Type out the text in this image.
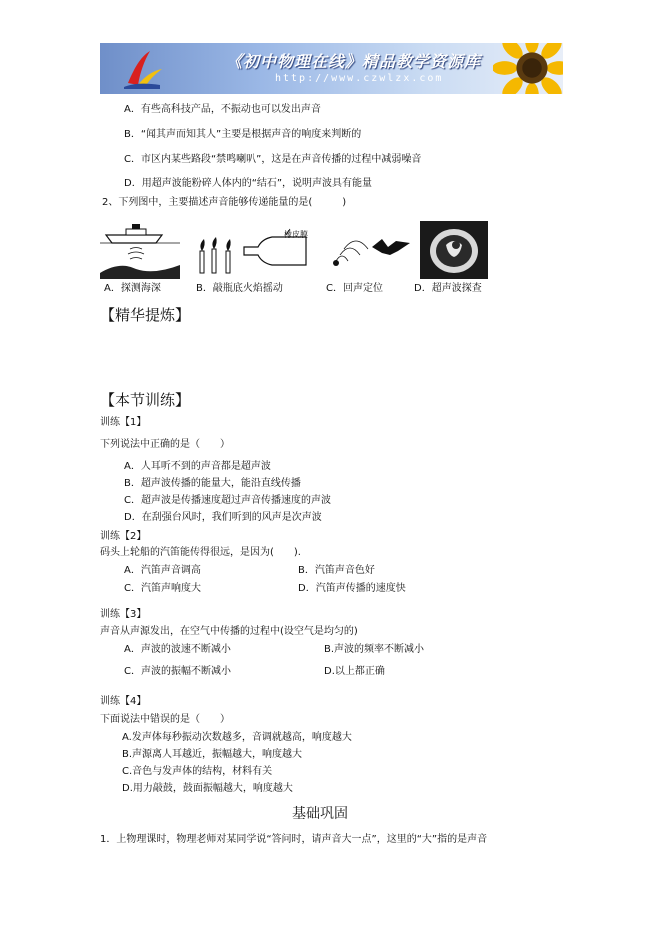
《初中物理在线》精品教学资源库
http://www.czwlzx.com
A．有些高科技产品，不振动也可以发出声音
B．“闻其声而知其人”主要是根据声音的响度来判断的
C．市区内某些路段“禁鸣喇叭”，这是在声音传播的过程中减弱噪音
D．用超声波能粉碎人体内的“结石”，说明声波具有能量
2、下列图中，主要描述声音能够传递能量的是(　　　)
橡皮膜
A．探测海深	B．敲瓶底火焰摇动	C．回声定位	D．超声波探查
【精华提炼】
【本节训练】
训练【1】
下列说法中正确的是（　　）
A．人耳听不到的声音都是超声波
B．超声波传播的能量大，能沿直线传播
C．超声波是传播速度超过声音传播速度的声波
D．在刮强台风时，我们听到的风声是次声波
训练【2】
码头上轮船的汽笛能传得很远，是因为(　　).
A．汽笛声音调高	B．汽笛声音色好
C．汽笛声响度大	D．汽笛声传播的速度快
训练【3】
声音从声源发出，在空气中传播的过程中(设空气是均匀的)
A．声波的波速不断减小	B.声波的频率不断减小
C．声波的振幅不断减小	D.以上都正确
训练【4】
下面说法中错误的是（　　）
A.发声体每秒振动次数越多，音调就越高，响度越大
B.声源离人耳越近，振幅越大，响度越大
C.音色与发声体的结构，材料有关
D.用力敲鼓，鼓面振幅越大，响度越大
基础巩固
1．上物理课时，物理老师对某同学说“答问时，请声音大一点”，这里的“大”指的是声音
